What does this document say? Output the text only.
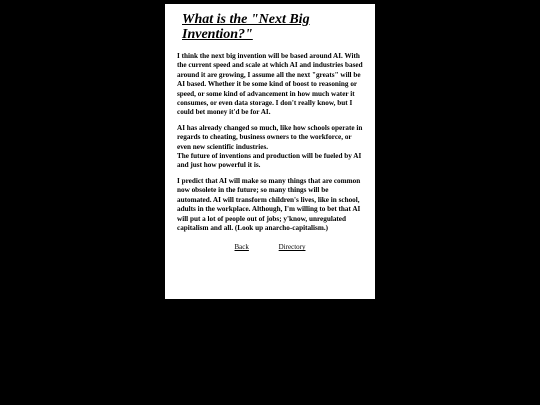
What is the "Next Big Invention?"
I think the next big invention will be based around AI. With the current speed and scale at which AI and industries based around it are growing, I assume all the next "greats" will be AI based. Whether it be some kind of boost to reasoning or speed, or some kind of advancement in how much water it consumes, or even data storage. I don't really know, but I could bet money it'd be for AI.
AI has already changed so much, like how schools operate in regards to cheating, business owners to the workforce, or even new scientific industries.
The future of inventions and production will be fueled by AI and just how powerful it is.
I predict that AI will make so many things that are common now obsolete in the future; so many things will be automated. AI will transform children's lives, like in school, adults in the workplace. Although, I'm willing to bet that AI will put a lot of people out of jobs; y'know, unregulated capitalism and all. (Look up anarcho-capitalism.)
Back	Directory
